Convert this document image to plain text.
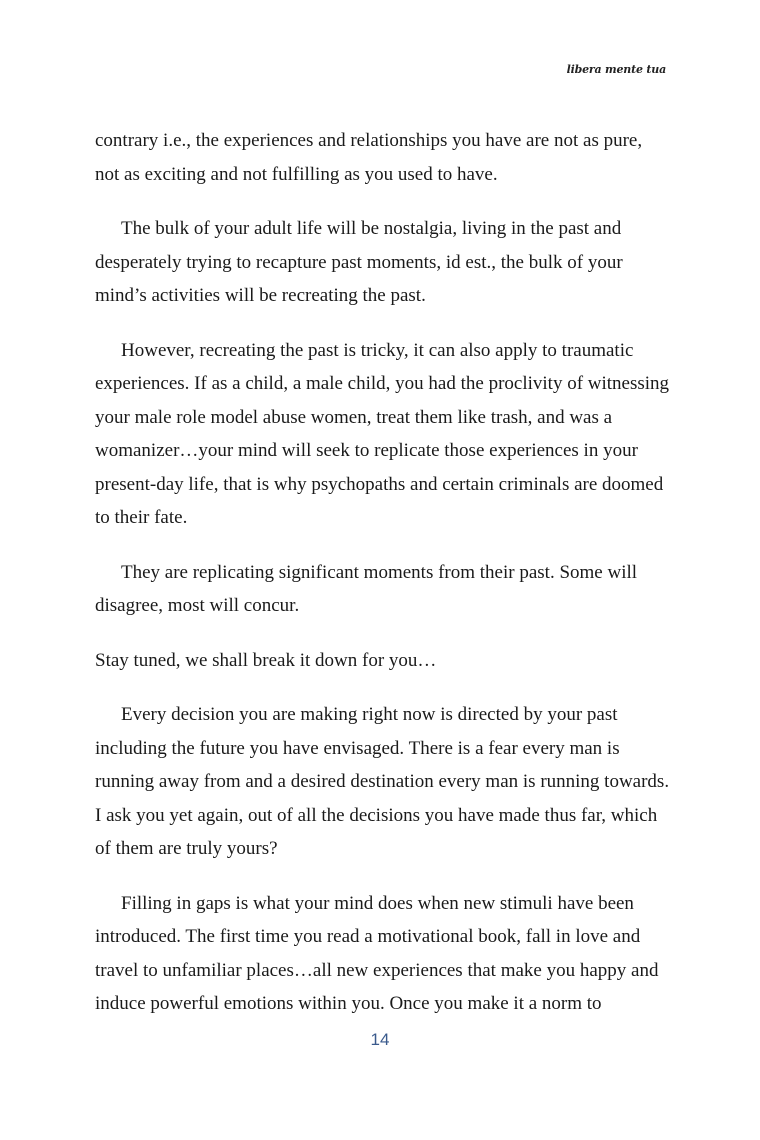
libera mente tua

contrary i.e., the experiences and relationships you have are not as pure, not as exciting and not fulfilling as you used to have.

The bulk of your adult life will be nostalgia, living in the past and desperately trying to recapture past moments, id est., the bulk of your mind’s activities will be recreating the past.

However, recreating the past is tricky, it can also apply to traumatic experiences. If as a child, a male child, you had the proclivity of witnessing your male role model abuse women, treat them like trash, and was a womanizer…your mind will seek to replicate those experiences in your present-day life, that is why psychopaths and certain criminals are doomed to their fate.

They are replicating significant moments from their past. Some will disagree, most will concur.

Stay tuned, we shall break it down for you…

Every decision you are making right now is directed by your past including the future you have envisaged. There is a fear every man is running away from and a desired destination every man is running towards. I ask you yet again, out of all the decisions you have made thus far, which of them are truly yours?

Filling in gaps is what your mind does when new stimuli have been introduced. The first time you read a motivational book, fall in love and travel to unfamiliar places…all new experiences that make you happy and induce powerful emotions within you. Once you make it a norm to

14
